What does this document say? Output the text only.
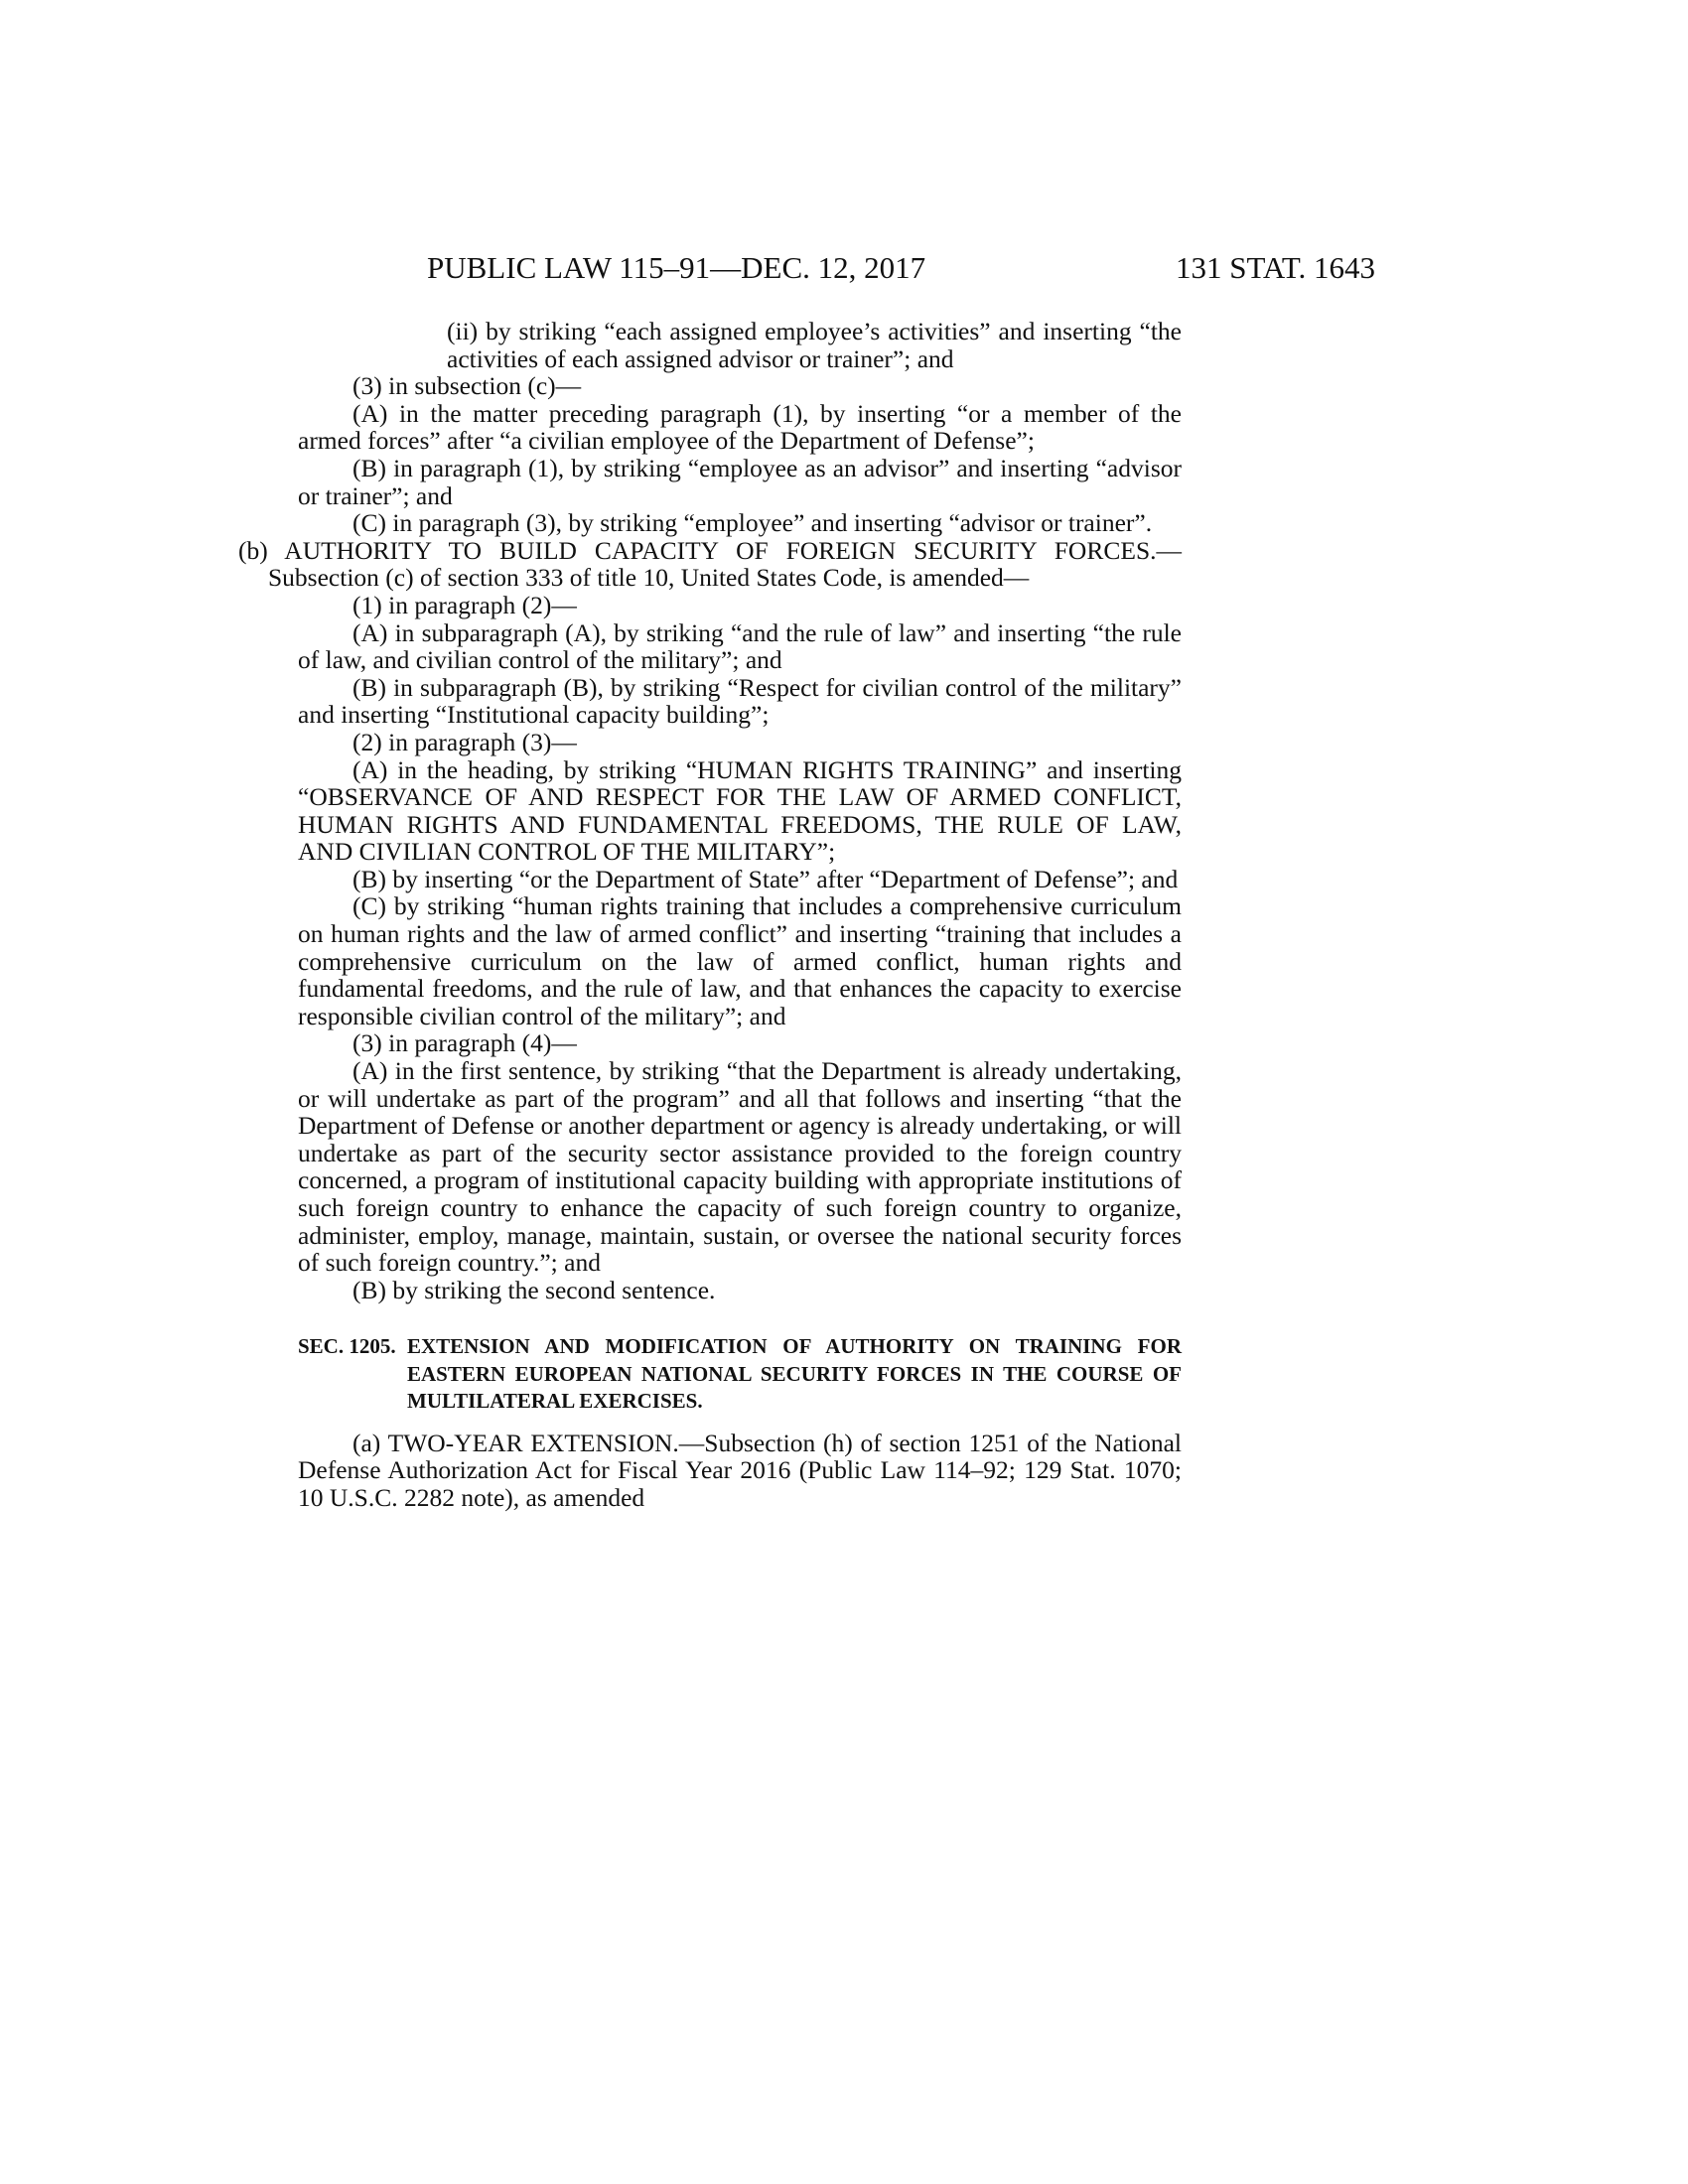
PUBLIC LAW 115–91—DEC. 12, 2017	131 STAT. 1643

(ii) by striking “each assigned employee’s activities” and inserting “the activities of each assigned advisor or trainer”; and

(3) in subsection (c)—

(A) in the matter preceding paragraph (1), by inserting “or a member of the armed forces” after “a civilian employee of the Department of Defense”;

(B) in paragraph (1), by striking “employee as an advisor” and inserting “advisor or trainer”; and

(C) in paragraph (3), by striking “employee” and inserting “advisor or trainer”.

(b) AUTHORITY TO BUILD CAPACITY OF FOREIGN SECURITY FORCES.—Subsection (c) of section 333 of title 10, United States Code, is amended—

(1) in paragraph (2)—

(A) in subparagraph (A), by striking “and the rule of law” and inserting “the rule of law, and civilian control of the military”; and

(B) in subparagraph (B), by striking “Respect for civilian control of the military” and inserting “Institutional capacity building”;

(2) in paragraph (3)—

(A) in the heading, by striking “HUMAN RIGHTS TRAINING” and inserting “OBSERVANCE OF AND RESPECT FOR THE LAW OF ARMED CONFLICT, HUMAN RIGHTS AND FUNDAMENTAL FREEDOMS, THE RULE OF LAW, AND CIVILIAN CONTROL OF THE MILITARY”;

(B) by inserting “or the Department of State” after “Department of Defense”; and

(C) by striking “human rights training that includes a comprehensive curriculum on human rights and the law of armed conflict” and inserting “training that includes a comprehensive curriculum on the law of armed conflict, human rights and fundamental freedoms, and the rule of law, and that enhances the capacity to exercise responsible civilian control of the military”; and

(3) in paragraph (4)—

(A) in the first sentence, by striking “that the Department is already undertaking, or will undertake as part of the program” and all that follows and inserting “that the Department of Defense or another department or agency is already undertaking, or will undertake as part of the security sector assistance provided to the foreign country concerned, a program of institutional capacity building with appropriate institutions of such foreign country to enhance the capacity of such foreign country to organize, administer, employ, manage, maintain, sustain, or oversee the national security forces of such foreign country.”; and

(B) by striking the second sentence.

SEC. 1205. EXTENSION AND MODIFICATION OF AUTHORITY ON TRAINING FOR EASTERN EUROPEAN NATIONAL SECURITY FORCES IN THE COURSE OF MULTILATERAL EXERCISES.

(a) TWO-YEAR EXTENSION.—Subsection (h) of section 1251 of the National Defense Authorization Act for Fiscal Year 2016 (Public Law 114–92; 129 Stat. 1070; 10 U.S.C. 2282 note), as amended
